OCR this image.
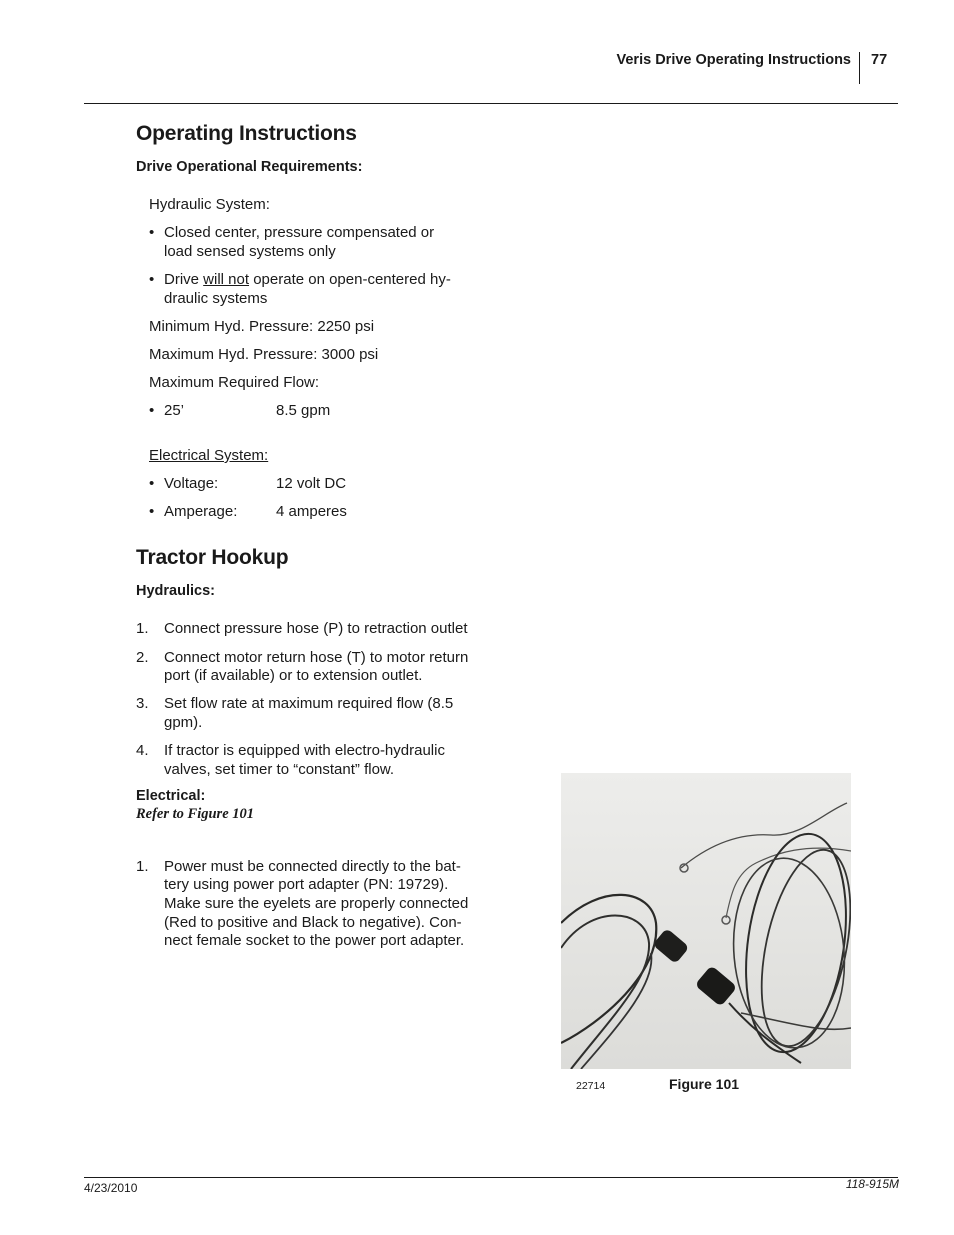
Veris Drive Operating Instructions 77
Operating Instructions
Drive Operational Requirements:
Hydraulic System:
• Closed center, pressure compensated or
load sensed systems only
• Drive will not operate on open-centered hy-
draulic systems
Minimum Hyd. Pressure: 2250 psi
Maximum Hyd. Pressure: 3000 psi
Maximum Required Flow:
• 25’	8.5 gpm
Electrical System:
• Voltage:	12 volt DC
• Amperage:	4 amperes
Tractor Hookup
Hydraulics:
1. Connect pressure hose (P) to retraction outlet
2. Connect motor return hose (T) to motor return
port (if available) or to extension outlet.
3. Set flow rate at maximum required flow (8.5
gpm).
4. If tractor is equipped with electro-hydraulic
valves, set timer to “constant” flow.
Electrical:
Refer to Figure 101
1. Power must be connected directly to the bat-
tery using power port adapter (PN: 19729).
Make sure the eyelets are properly connected
(Red to positive and Black to negative). Con-
nect female socket to the power port adapter.
22714	Figure 101
4/23/2010	118-915M
